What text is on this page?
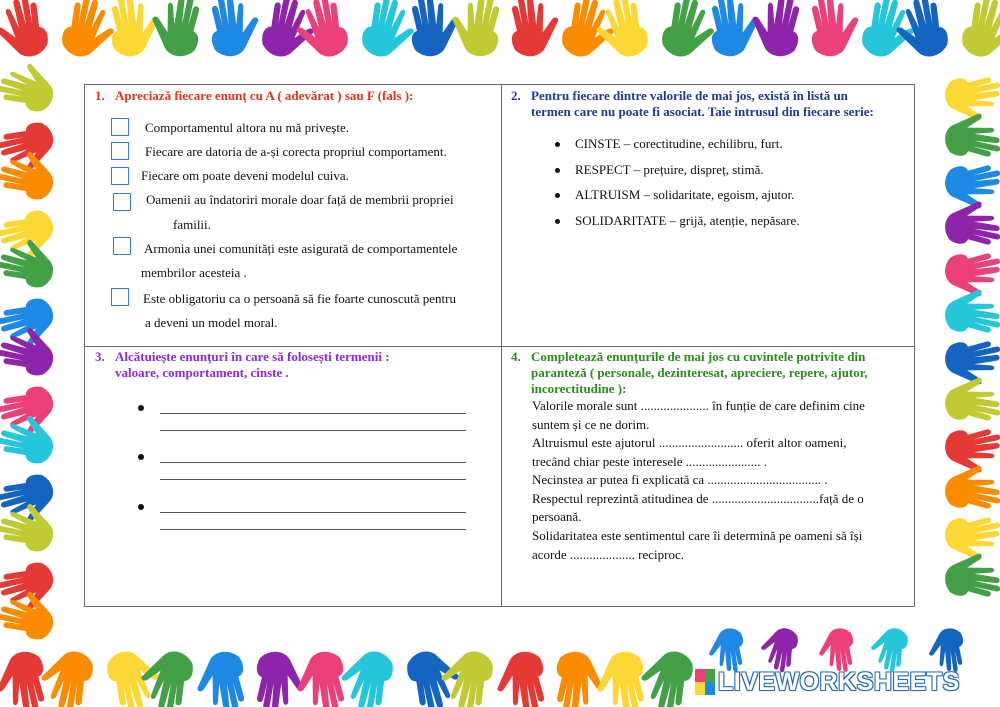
1. Apreciază fiecare enunț cu A ( adevărat ) sau F (fals ):
Comportamentul altora nu mă privește.
Fiecare are datoria de a-și corecta propriul comportament.
Fiecare om poate deveni modelul cuiva.
Oamenii au îndatoriri morale doar față de membrii propriei
familii.
Armonia unei comunități este asigurată de comportamentele
membrilor acesteia .
Este obligatoriu ca o persoană să fie foarte cunoscută pentru
a deveni un model moral.
2. Pentru fiecare dintre valorile de mai jos, există în listă un
termen care nu poate fi asociat. Taie intrusul din fiecare serie:
CINSTE – corectitudine, echilibru, furt.
RESPECT – prețuire, dispreț, stimă.
ALTRUISM – solidaritate, egoism, ajutor.
SOLIDARITATE – grijă, atenție, nepăsare.
3. Alcătuiește enunțuri în care să folosești termenii :
valoare, comportament, cinste .
4. Completează enunțurile de mai jos cu cuvintele potrivite din
paranteză ( personale, dezinteresat, apreciere, repere, ajutor,
incorectitudine ):
Valorile morale sunt ..................... în funție de care definim cine
suntem și ce ne dorim.
Altruismul este ajutorul .......................... oferit altor oameni,
trecând chiar peste interesele ....................... .
Necinstea ar putea fi explicată ca ................................... .
Respectul reprezintă atitudinea de .................................față de o
persoană.
Solidaritatea este sentimentul care îi determină pe oameni să își
acorde .................... reciproc.
LIVEWORKSHEETS
